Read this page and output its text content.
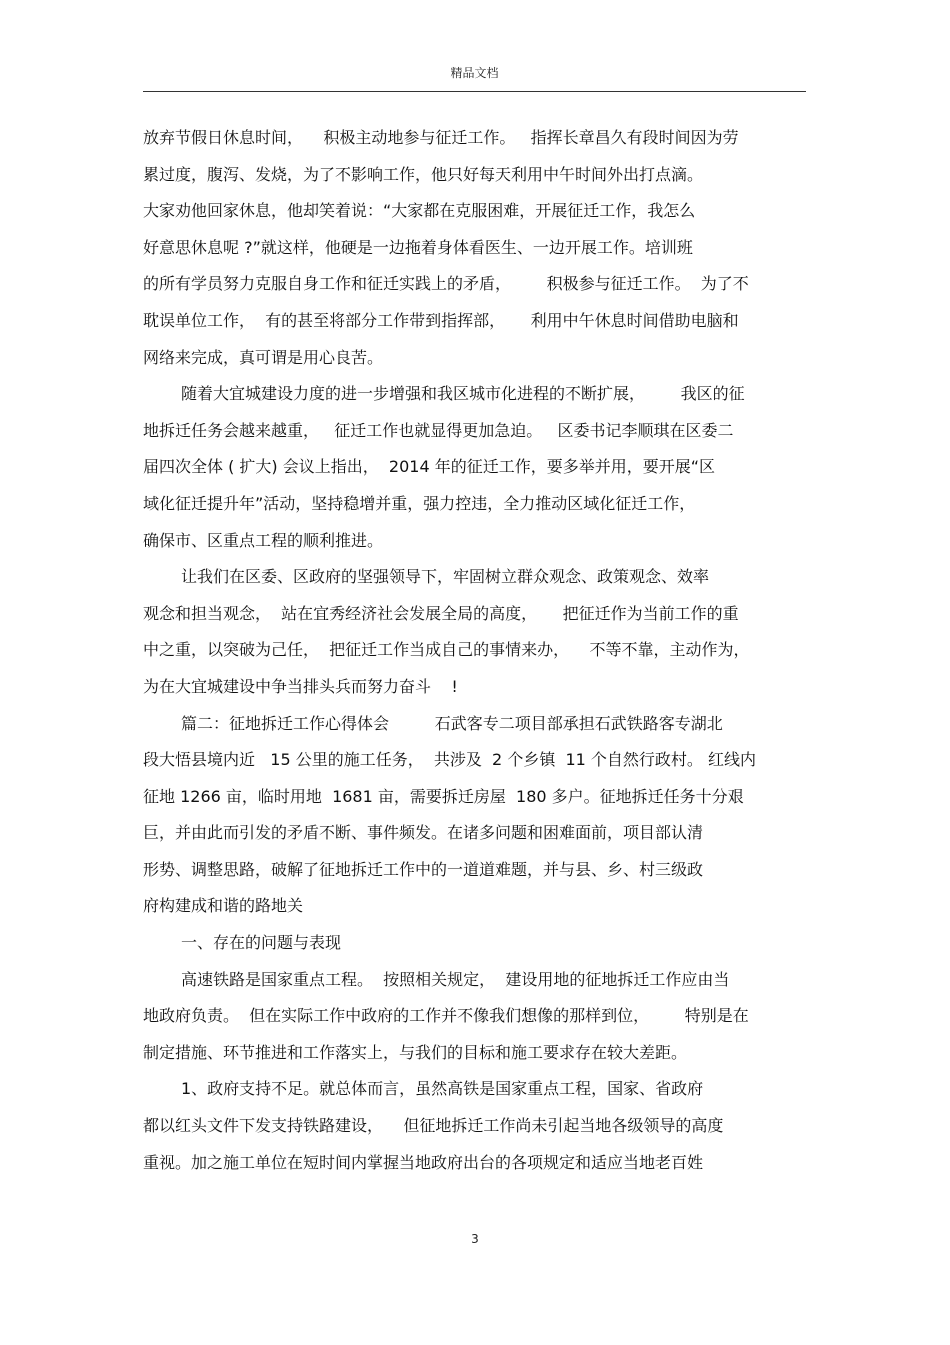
精品文档
放弃节假日休息时间，    积极主动地参与征迁工作。   指挥长章昌久有段时间因为劳
累过度，腹泻、发烧，为了不影响工作，他只好每天利用中午时间外出打点滴。
大家劝他回家休息，他却笑着说：“大家都在克服困难，开展征迁工作，我怎么
好意思休息呢 ?”就这样，他硬是一边拖着身体看医生、一边开展工作。培训班
的所有学员努力克服自身工作和征迁实践上的矛盾，       积极参与征迁工作。  为了不
耽误单位工作，  有的甚至将部分工作带到指挥部，     利用中午休息时间借助电脑和
网络来完成，真可谓是用心良苦。
随着大宜城建设力度的进一步增强和我区城市化进程的不断扩展，       我区的征
地拆迁任务会越来越重，   征迁工作也就显得更加急迫。   区委书记李顺琪在区委二
届四次全体 ( 扩大) 会议上指出，  2014 年的征迁工作，要多举并用，要开展“区
域化征迁提升年”活动，坚持稳增并重，强力控违，全力推动区域化征迁工作，
确保市、区重点工程的顺利推进。
让我们在区委、区政府的坚强领导下，牢固树立群众观念、政策观念、效率
观念和担当观念，  站在宜秀经济社会发展全局的高度，     把征迁作为当前工作的重
中之重，以突破为己任，  把征迁工作当成自己的事情来办，    不等不靠，主动作为，
为在大宜城建设中争当排头兵而努力奋斗    !
篇二：征地拆迁工作心得体会         石武客专二项目部承担石武铁路客专湖北
段大悟县境内近   15 公里的施工任务，  共涉及  2 个乡镇  11 个自然行政村。 红线内
征地 1266 亩，临时用地  1681 亩，需要拆迁房屋  180 多户。征地拆迁任务十分艰
巨，并由此而引发的矛盾不断、事件频发。在诸多问题和困难面前，项目部认清
形势、调整思路，破解了征地拆迁工作中的一道道难题，并与县、乡、村三级政
府构建成和谐的路地关
一、存在的问题与表现
高速铁路是国家重点工程。  按照相关规定，  建设用地的征地拆迁工作应由当
地政府负责。  但在实际工作中政府的工作并不像我们想像的那样到位，       特别是在
制定措施、环节推进和工作落实上，与我们的目标和施工要求存在较大差距。
1、政府支持不足。就总体而言，虽然高铁是国家重点工程，国家、省政府
都以红头文件下发支持铁路建设，    但征地拆迁工作尚未引起当地各级领导的高度
重视。加之施工单位在短时间内掌握当地政府出台的各项规定和适应当地老百姓
3
